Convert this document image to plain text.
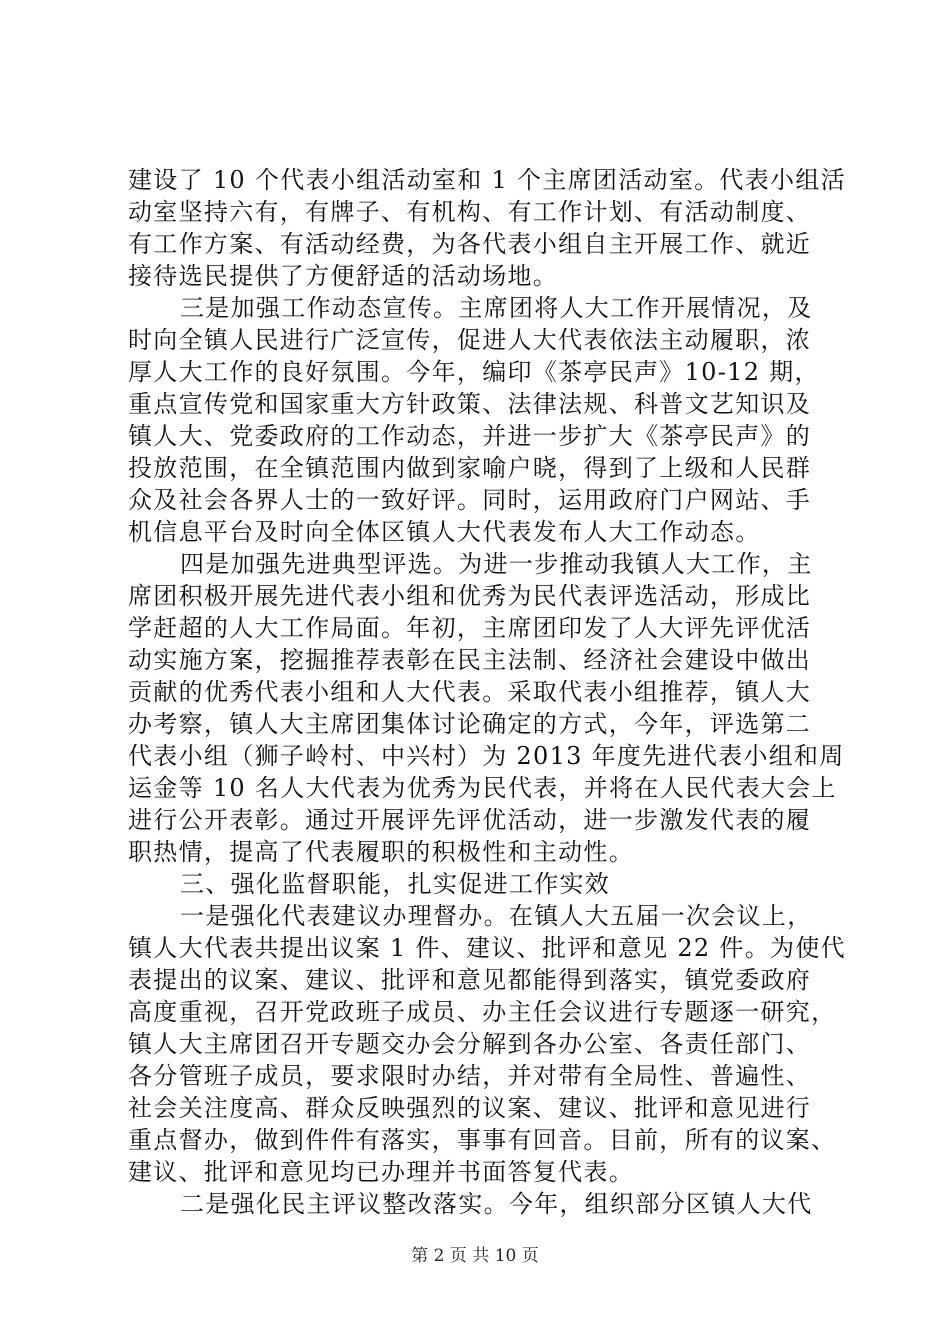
建设了 10 个代表小组活动室和 1 个主席团活动室。代表小组活
动室坚持六有，有牌子、有机构、有工作计划、有活动制度、
有工作方案、有活动经费，为各代表小组自主开展工作、就近
接待选民提供了方便舒适的活动场地。
三是加强工作动态宣传。主席团将人大工作开展情况，及
时向全镇人民进行广泛宣传，促进人大代表依法主动履职，浓
厚人大工作的良好氛围。今年，编印《茶亭民声》10-12 期，
重点宣传党和国家重大方针政策、法律法规、科普文艺知识及
镇人大、党委政府的工作动态，并进一步扩大《茶亭民声》的
投放范围，在全镇范围内做到家喻户晓，得到了上级和人民群
众及社会各界人士的一致好评。同时，运用政府门户网站、手
机信息平台及时向全体区镇人大代表发布人大工作动态。
四是加强先进典型评选。为进一步推动我镇人大工作，主
席团积极开展先进代表小组和优秀为民代表评选活动，形成比
学赶超的人大工作局面。年初，主席团印发了人大评先评优活
动实施方案，挖掘推荐表彰在民主法制、经济社会建设中做出
贡献的优秀代表小组和人大代表。采取代表小组推荐，镇人大
办考察，镇人大主席团集体讨论确定的方式，今年，评选第二
代表小组（狮子岭村、中兴村）为 2013 年度先进代表小组和周
运金等 10 名人大代表为优秀为民代表，并将在人民代表大会上
进行公开表彰。通过开展评先评优活动，进一步激发代表的履
职热情，提高了代表履职的积极性和主动性。
三、强化监督职能，扎实促进工作实效
一是强化代表建议办理督办。在镇人大五届一次会议上，
镇人大代表共提出议案 1 件、建议、批评和意见 22 件。为使代
表提出的议案、建议、批评和意见都能得到落实，镇党委政府
高度重视，召开党政班子成员、办主任会议进行专题逐一研究，
镇人大主席团召开专题交办会分解到各办公室、各责任部门、
各分管班子成员，要求限时办结，并对带有全局性、普遍性、
社会关注度高、群众反映强烈的议案、建议、批评和意见进行
重点督办，做到件件有落实，事事有回音。目前，所有的议案、
建议、批评和意见均已办理并书面答复代表。
二是强化民主评议整改落实。今年，组织部分区镇人大代
第 2 页 共 10 页
